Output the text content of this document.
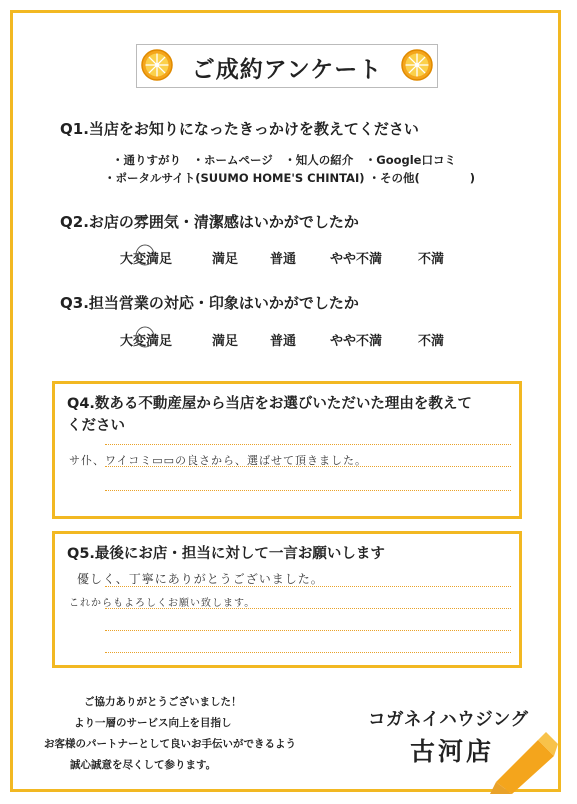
ご成約アンケート
Q1.当店をお知りになったきっかけを教えてください
・通りすがり　・ホームページ　・知人の紹介　・Google口コミ
・ポータルサイト(SUUMO HOME'S CHINTAI) ・その他(　　　　 )
Q2.お店の雰囲気・清潔感はいかがでしたか
大変満足	満足 普通	やや不満	不満
Q3.担当営業の対応・印象はいかがでしたか
大変満足	満足 普通	やや不満	不満
Q4.数ある不動産屋から当店をお選びいただいた理由を教えて
ください
サ仆、ワイコミ▭▭の良さから、選ばせて頂きました。
Q5.最後にお店・担当に対して一言お願いします
優しく、丁寧にありがとうございました。
これからもよろしくお願い致します。
ご協力ありがとうございました！
より一層のサービス向上を目指し
お客様のパートナーとして良いお手伝いができるよう
誠心誠意を尽くして参ります。
コガネイハウジング
古河店
